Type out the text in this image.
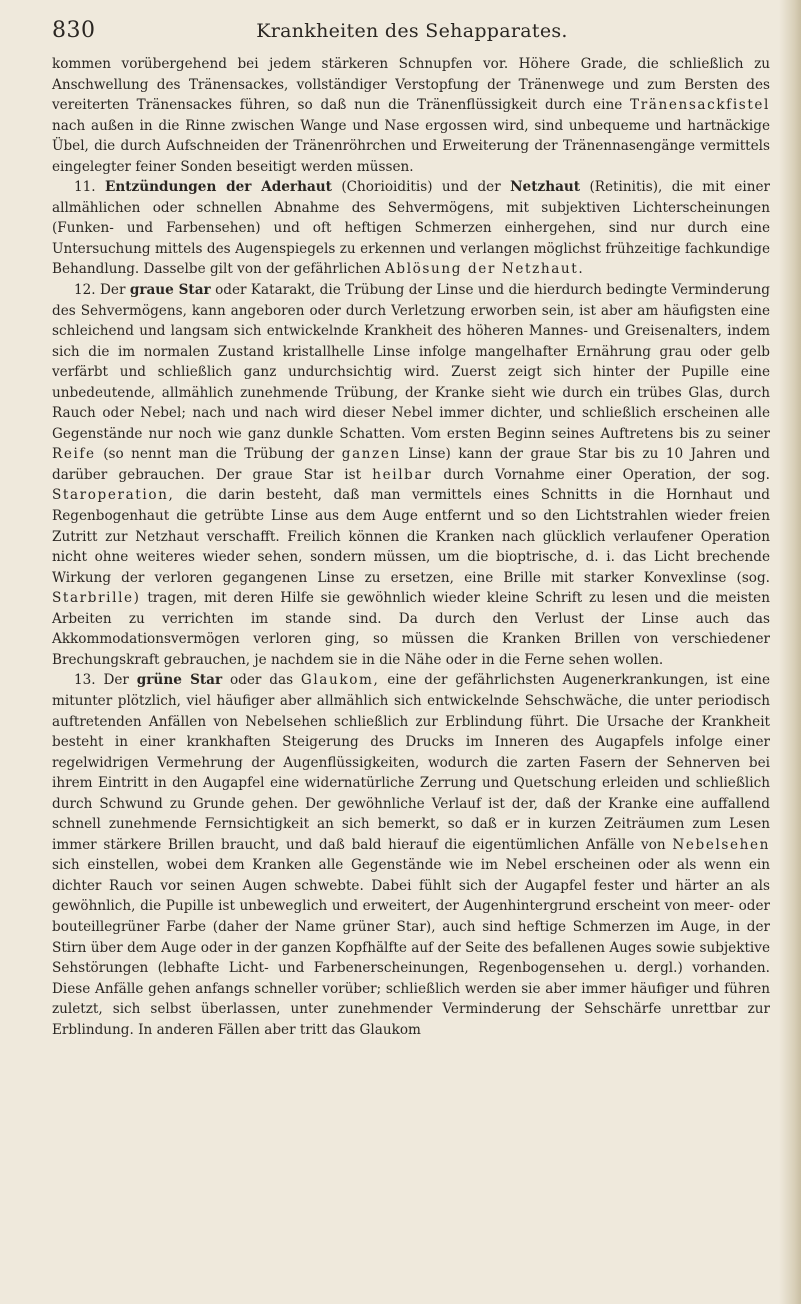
830	Krankheiten des Sehapparates.

kommen vorübergehend bei jedem stärkeren Schnupfen vor. Höhere Grade, die schließlich zu Anschwellung des Tränensackes, vollständiger Verstopfung der Tränenwege und zum Bersten des vereiterten Tränensackes führen, so daß nun die Tränenflüssigkeit durch eine Tränensackfistel nach außen in die Rinne zwischen Wange und Nase ergossen wird, sind unbequeme und hartnäckige Übel, die durch Aufschneiden der Tränenröhrchen und Erweiterung der Tränennasengänge vermittels eingelegter feiner Sonden beseitigt werden müssen.

11. Entzündungen der Aderhaut (Chorioiditis) und der Netzhaut (Retinitis), die mit einer allmählichen oder schnellen Abnahme des Sehvermögens, mit subjektiven Lichterscheinungen (Funken- und Farbensehen) und oft heftigen Schmerzen einhergehen, sind nur durch eine Untersuchung mittels des Augenspiegels zu erkennen und verlangen möglichst frühzeitige fachkundige Behandlung. Dasselbe gilt von der gefährlichen Ablösung der Netzhaut.

12. Der graue Star oder Katarakt, die Trübung der Linse und die hierdurch bedingte Verminderung des Sehvermögens, kann angeboren oder durch Verletzung erworben sein, ist aber am häufigsten eine schleichend und langsam sich entwickelnde Krankheit des höheren Mannes- und Greisenalters, indem sich die im normalen Zustand kristallhelle Linse infolge mangelhafter Ernährung grau oder gelb verfärbt und schließlich ganz undurchsichtig wird. Zuerst zeigt sich hinter der Pupille eine unbedeutende, allmählich zunehmende Trübung, der Kranke sieht wie durch ein trübes Glas, durch Rauch oder Nebel; nach und nach wird dieser Nebel immer dichter, und schließlich erscheinen alle Gegenstände nur noch wie ganz dunkle Schatten. Vom ersten Beginn seines Auftretens bis zu seiner Reife (so nennt man die Trübung der ganzen Linse) kann der graue Star bis zu 10 Jahren und darüber gebrauchen. Der graue Star ist heilbar durch Vornahme einer Operation, der sog. Staroperation, die darin besteht, daß man vermittels eines Schnitts in die Hornhaut und Regenbogenhaut die getrübte Linse aus dem Auge entfernt und so den Lichtstrahlen wieder freien Zutritt zur Netzhaut verschafft. Freilich können die Kranken nach glücklich verlaufener Operation nicht ohne weiteres wieder sehen, sondern müssen, um die bioptrische, d. i. das Licht brechende Wirkung der verloren gegangenen Linse zu ersetzen, eine Brille mit starker Konvexlinse (sog. Starbrille) tragen, mit deren Hilfe sie gewöhnlich wieder kleine Schrift zu lesen und die meisten Arbeiten zu verrichten im stande sind. Da durch den Verlust der Linse auch das Akkommodationsvermögen verloren ging, so müssen die Kranken Brillen von verschiedener Brechungskraft gebrauchen, je nachdem sie in die Nähe oder in die Ferne sehen wollen.

13. Der grüne Star oder das Glaukom, eine der gefährlichsten Augenerkrankungen, ist eine mitunter plötzlich, viel häufiger aber allmählich sich entwickelnde Sehschwäche, die unter periodisch auftretenden Anfällen von Nebelsehen schließlich zur Erblindung führt. Die Ursache der Krankheit besteht in einer krankhaften Steigerung des Drucks im Inneren des Augapfels infolge einer regelwidrigen Vermehrung der Augenflüssigkeiten, wodurch die zarten Fasern der Sehnerven bei ihrem Eintritt in den Augapfel eine widernatürliche Zerrung und Quetschung erleiden und schließlich durch Schwund zu Grunde gehen. Der gewöhnliche Verlauf ist der, daß der Kranke eine auffallend schnell zunehmende Fernsichtigkeit an sich bemerkt, so daß er in kurzen Zeiträumen zum Lesen immer stärkere Brillen braucht, und daß bald hierauf die eigentümlichen Anfälle von Nebelsehen sich einstellen, wobei dem Kranken alle Gegenstände wie im Nebel erscheinen oder als wenn ein dichter Rauch vor seinen Augen schwebte. Dabei fühlt sich der Augapfel fester und härter an als gewöhnlich, die Pupille ist unbeweglich und erweitert, der Augenhintergrund erscheint von meer- oder bouteillegrüner Farbe (daher der Name grüner Star), auch sind heftige Schmerzen im Auge, in der Stirn über dem Auge oder in der ganzen Kopfhälfte auf der Seite des befallenen Auges sowie subjektive Sehstörungen (lebhafte Licht- und Farbenerscheinungen, Regenbogensehen u. dergl.) vorhanden. Diese Anfälle gehen anfangs schneller vorüber; schließlich werden sie aber immer häufiger und führen zuletzt, sich selbst überlassen, unter zunehmender Verminderung der Sehschärfe unrettbar zur Erblindung. In anderen Fällen aber tritt das Glaukom
